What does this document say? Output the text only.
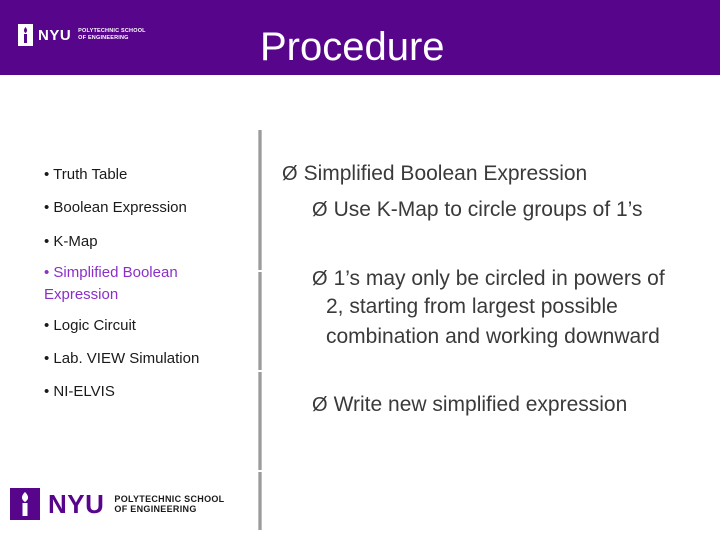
NYU POLYTECHNIC SCHOOL
OF ENGINEERING	Procedure
• Truth Table
• Boolean Expression
• K-Map
• Simplified Boolean Expression
• Logic Circuit
• Lab. VIEW Simulation
• NI-ELVIS
Ø Simplified Boolean Expression
Ø Use K-Map to circle groups of 1’s
Ø 1’s may only be circled in powers of
2, starting from largest possible
combination and working downward
Ø Write new simplified expression
NYU POLYTECHNIC SCHOOL
OF ENGINEERING
